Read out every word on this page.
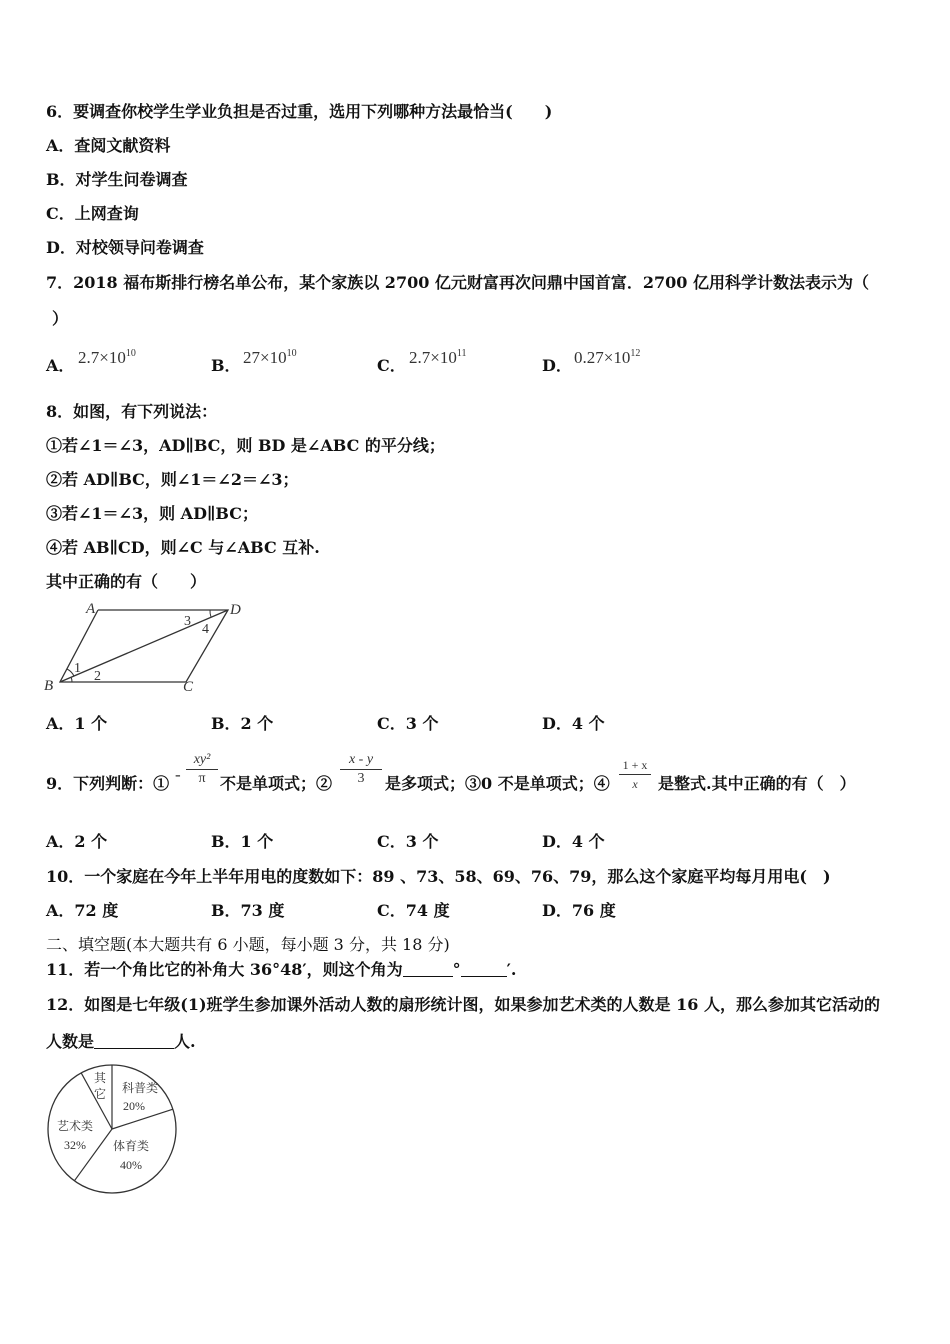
6．要调查你校学生学业负担是否过重，选用下列哪种方法最恰当(　　)
A．查阅文献资料
B．对学生问卷调查
C．上网查询
D．对校领导问卷调查
7．2018 福布斯排行榜名单公布，某个家族以 2700 亿元财富再次问鼎中国首富．2700 亿用科学计数法表示为（
）
A． $2.7\times 10^{10}$
B． $27\times 10^{10}$
C． $2.7\times 10^{11}$
D． $0.27\times 10^{12}$
8．如图，有下列说法：
①若∠1＝∠3，AD∥BC，则 BD 是∠ABC 的平分线；
②若 AD∥BC，则∠1＝∠2＝∠3；
③若∠1＝∠3，则 AD∥BC；
④若 AB∥CD，则∠C 与∠ABC 互补.
其中正确的有（　　）
A	D
B	C
1
2
3
4
A．1 个	B．2 个	C．3 个	D．4 个
9．下列判断：① -
xy²
π 不是单项式；②
x - y
3	是多项式；③0 不是单项式；④
1 + x
x	是整式.其中正确的有（　）
A．2 个	B．1 个	C．3 个	D．4 个
10．一个家庭在今年上半年用电的度数如下：89 、73、58、69、76、79，那么这个家庭平均每月用电(　)
A．72 度	B．73 度	C．74 度	D．76 度
二、填空题(本大题共有 6 小题，每小题 3 分，共 18 分)
11．若一个角比它的补角大 36°48′，则这个角为	°	′.
12．如图是七年级(1)班学生参加课外活动人数的扇形统计图，如果参加艺术类的人数是 16 人，那么参加其它活动的
人数是	人.
科普类
20%
体育类
40%
艺术类
32%
其它
